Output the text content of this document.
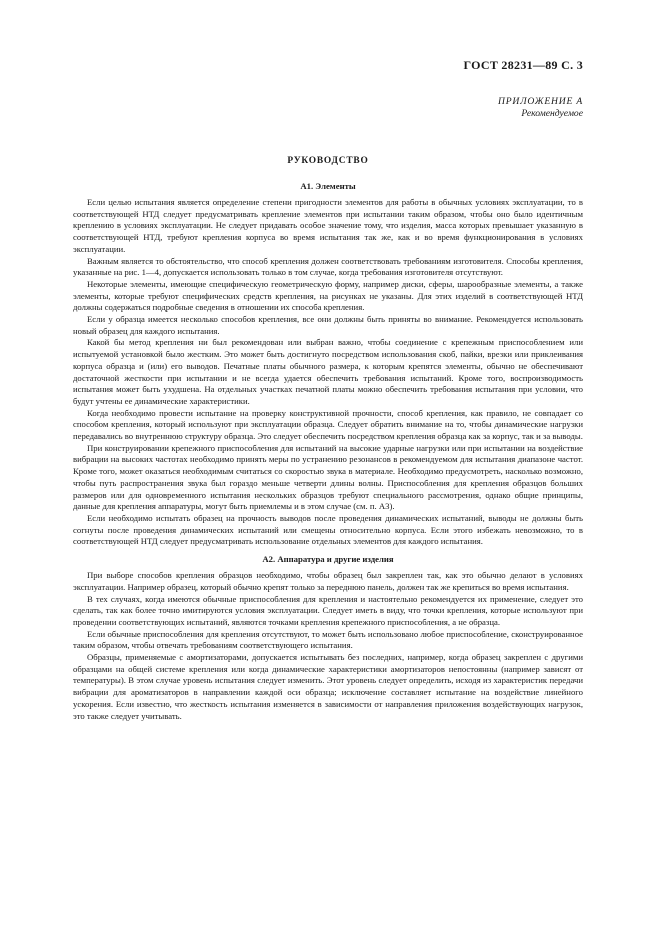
ГОСТ 28231—89 С. 3
ПРИЛОЖЕНИЕ А
Рекомендуемое
РУКОВОДСТВО
А1. Элементы

Если целью испытания является определение степени пригодности элементов для работы в обычных условиях эксплуатации, то в соответствующей НТД следует предусматривать крепление элементов при испытании таким образом, чтобы оно было идентичным креплению в условиях эксплуатации. Не следует придавать особое значение тому, что изделия, масса которых превышает указанную в соответствующей НТД, требуют крепления корпуса во время испытания так же, как и во время функционирования в условиях эксплуатации.

Важным является то обстоятельство, что способ крепления должен соответствовать требованиям изготовителя. Способы крепления, указанные на рис. 1—4, допускается использовать только в том случае, когда требования изготовителя отсутствуют.

Некоторые элементы, имеющие специфическую геометрическую форму, например диски, сферы, шарообразные элементы, а также элементы, которые требуют специфических средств крепления, на рисунках не указаны. Для этих изделий в соответствующей НТД должны содержаться подробные сведения в отношении их способа крепления.

Если у образца имеется несколько способов крепления, все они должны быть приняты во внимание. Рекомендуется использовать новый образец для каждого испытания.

Какой бы метод крепления ни был рекомендован или выбран важно, чтобы соединение с крепежным приспособлением или испытуемой установкой было жестким. Это может быть достигнуто посредством использования скоб, пайки, врезки или приклеивания корпуса образца и (или) его выводов. Печатные платы обычного размера, к которым крепятся элементы, обычно не обеспечивают достаточной жесткости при испытании и не всегда удается обеспечить требования испытаний. Кроме того, воспроизводимость испытания может быть ухудшена. На отдельных участках печатной платы можно обеспечить требования испытания при условии, что будут учтены ее динамические характеристики.

Когда необходимо провести испытание на проверку конструктивной прочности, способ крепления, как правило, не совпадает со способом крепления, который используют при эксплуатации образца. Следует обратить внимание на то, чтобы динамические нагрузки передавались во внутреннюю структуру образца. Это следует обеспечить посредством крепления образца как за корпус, так и за выводы.

При конструировании крепежного приспособления для испытаний на высокие ударные нагрузки или при испытании на воздействие вибрации на высоких частотах необходимо принять меры по устранению резонансов в рекомендуемом для испытания диапазоне частот. Кроме того, может оказаться необходимым считаться со скоростью звука в материале. Необходимо предусмотреть, насколько возможно, чтобы путь распространения звука был гораздо меньше четверти длины волны. Приспособления для крепления образцов больших размеров или для одновременного испытания нескольких образцов требуют специального рассмотрения, однако общие принципы, данные для крепления аппаратуры, могут быть приемлемы и в этом случае (см. п. А3).

Если необходимо испытать образец на прочность выводов после проведения динамических испытаний, выводы не должны быть согнуты после проведения динамических испытаний или смещены относительно корпуса. Если этого избежать невозможно, то в соответствующей НТД следует предусматривать использование отдельных элементов для каждого испытания.

А2. Аппаратура и другие изделия

При выборе способов крепления образцов необходимо, чтобы образец был закреплен так, как это обычно делают в условиях эксплуатации. Например образец, который обычно крепят только за переднюю панель, должен так же крепиться во время испытания.

В тех случаях, когда имеются обычные приспособления для крепления и настоятельно рекомендуется их применение, следует это сделать, так как более точно имитируются условия эксплуатации. Следует иметь в виду, что точки крепления, которые используют при проведении соответствующих испытаний, являются точками крепления крепежного приспособления, а не образца.

Если обычные приспособления для крепления отсутствуют, то может быть использовано любое приспособление, сконструированное таким образом, чтобы отвечать требованиям соответствующего испытания.

Образцы, применяемые с амортизаторами, допускается испытывать без последних, например, когда образец закреплен с другими образцами на общей системе крепления или когда динамические характеристики амортизаторов непостоянны (например зависят от температуры). В этом случае уровень испытания следует изменить. Этот уровень следует определить, исходя из характеристик передачи вибрации для ароматизаторов в направлении каждой оси образца; исключение составляет испытание на воздействие линейного ускорения. Если известно, что жесткость испытания изменяется в зависимости от направления приложения воздействующих нагрузок, это также следует учитывать.
